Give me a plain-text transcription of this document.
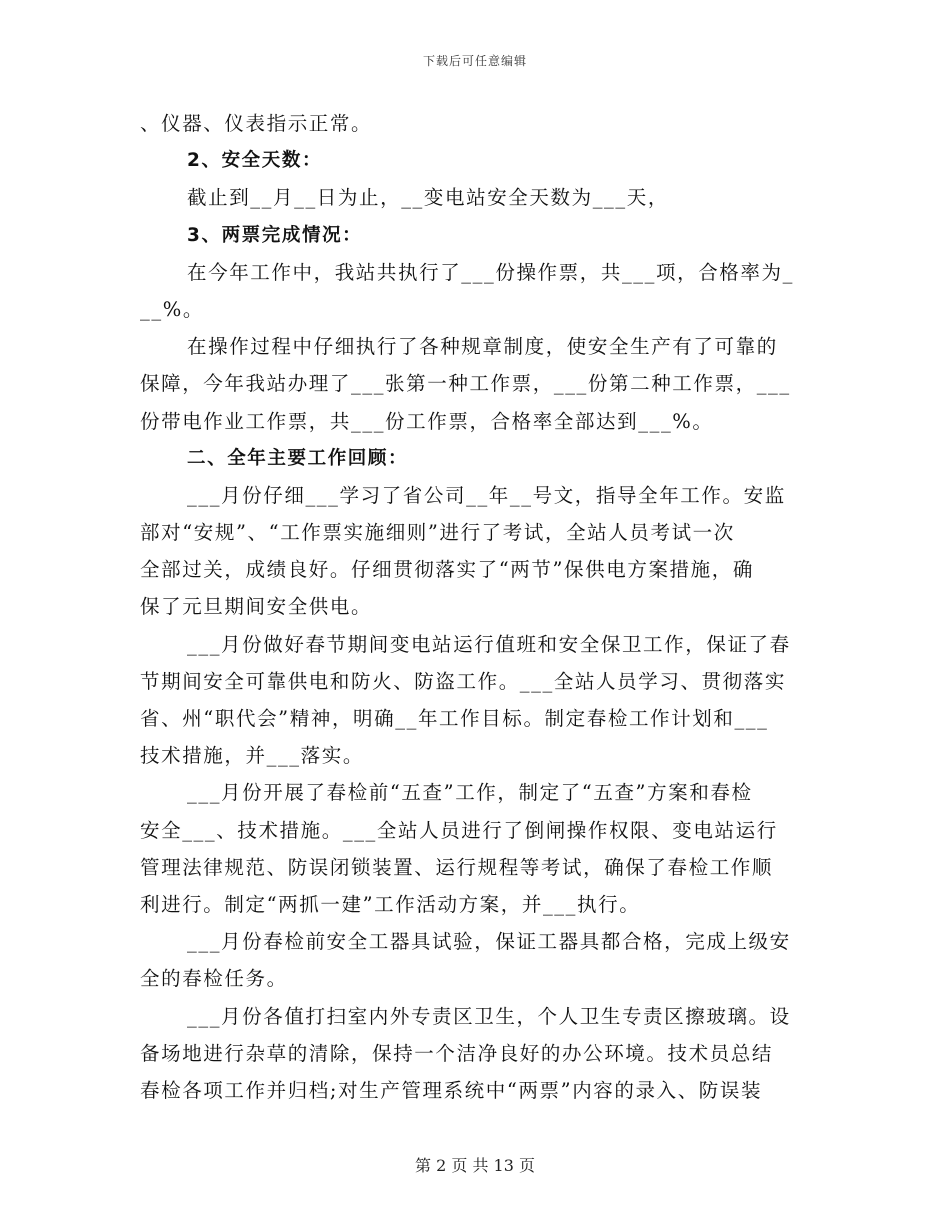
下载后可任意编辑
、仪器、仪表指示正常。
2、安全天数：
截止到__月__日为止，__变电站安全天数为___天，
3、两票完成情况：
在今年工作中，我站共执行了___份操作票，共___项，合格率为_
__%。
在操作过程中仔细执行了各种规章制度，使安全生产有了可靠的
保障，今年我站办理了___张第一种工作票，___份第二种工作票，___
份带电作业工作票，共___份工作票，合格率全部达到___%。
二、全年主要工作回顾：
___月份仔细___学习了省公司__年__号文，指导全年工作。安监
部对“安规”、“工作票实施细则”进行了考试，全站人员考试一次
全部过关，成绩良好。仔细贯彻落实了“两节”保供电方案措施，确
保了元旦期间安全供电。
___月份做好春节期间变电站运行值班和安全保卫工作，保证了春
节期间安全可靠供电和防火、防盗工作。___全站人员学习、贯彻落实
省、州“职代会”精神，明确__年工作目标。制定春检工作计划和___
技术措施，并___落实。
___月份开展了春检前“五查”工作，制定了“五查”方案和春检
安全___、技术措施。___全站人员进行了倒闸操作权限、变电站运行
管理法律规范、防误闭锁装置、运行规程等考试，确保了春检工作顺
利进行。制定“两抓一建”工作活动方案，并___执行。
___月份春检前安全工器具试验，保证工器具都合格，完成上级安
全的春检任务。
___月份各值打扫室内外专责区卫生，个人卫生专责区擦玻璃。设
备场地进行杂草的清除，保持一个洁净良好的办公环境。技术员总结
春检各项工作并归档;对生产管理系统中“两票”内容的录入、防误装
第 2 页 共 13 页
